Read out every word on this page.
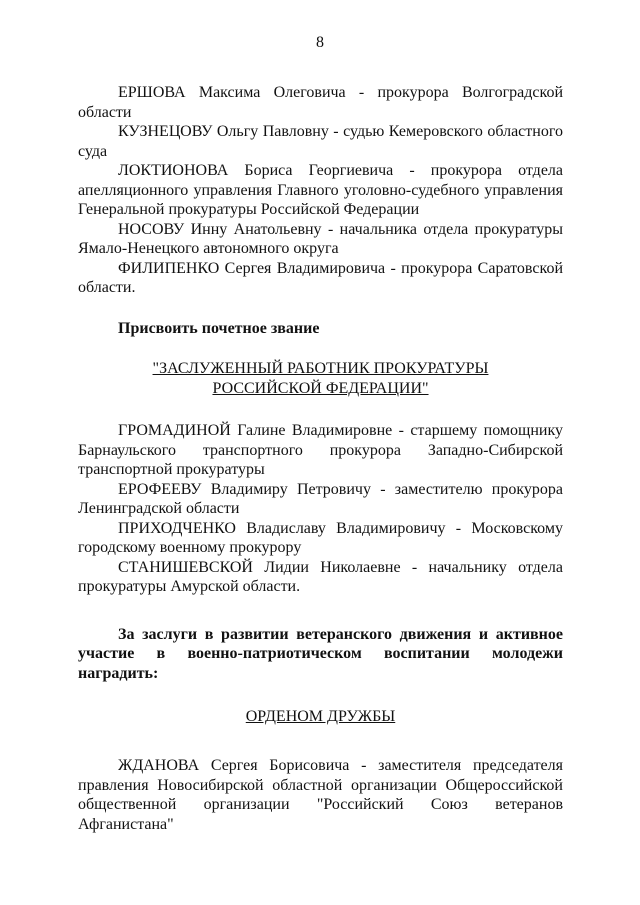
8

ЕРШОВА Максима Олеговича - прокурора Волгоградской области

КУЗНЕЦОВУ Ольгу Павловну - судью Кемеровского областного суда

ЛОКТИОНОВА Бориса Георгиевича - прокурора отдела апелляционного управления Главного уголовно-судебного управления Генеральной прокуратуры Российской Федерации

НОСОВУ Инну Анатольевну - начальника отдела прокуратуры Ямало-Ненецкого автономного округа

ФИЛИПЕНКО Сергея Владимировича - прокурора Саратовской области.

Присвоить почетное звание

"ЗАСЛУЖЕННЫЙ РАБОТНИК ПРОКУРАТУРЫ

РОССИЙСКОЙ ФЕДЕРАЦИИ"

ГРОМАДИНОЙ Галине Владимировне - старшему помощнику Барнаульского транспортного прокурора Западно-Сибирской транспортной прокуратуры

ЕРОФЕЕВУ Владимиру Петровичу - заместителю прокурора Ленинградской области

ПРИХОДЧЕНКО Владиславу Владимировичу - Московскому городскому военному прокурору

СТАНИШЕВСКОЙ Лидии Николаевне - начальнику отдела прокуратуры Амурской области.

За заслуги в развитии ветеранского движения и активное участие в военно-патриотическом воспитании молодежи наградить:

ОРДЕНОМ ДРУЖБЫ

ЖДАНОВА Сергея Борисовича - заместителя председателя правления Новосибирской областной организации Общероссийской общественной организации "Российский Союз ветеранов Афганистана"
